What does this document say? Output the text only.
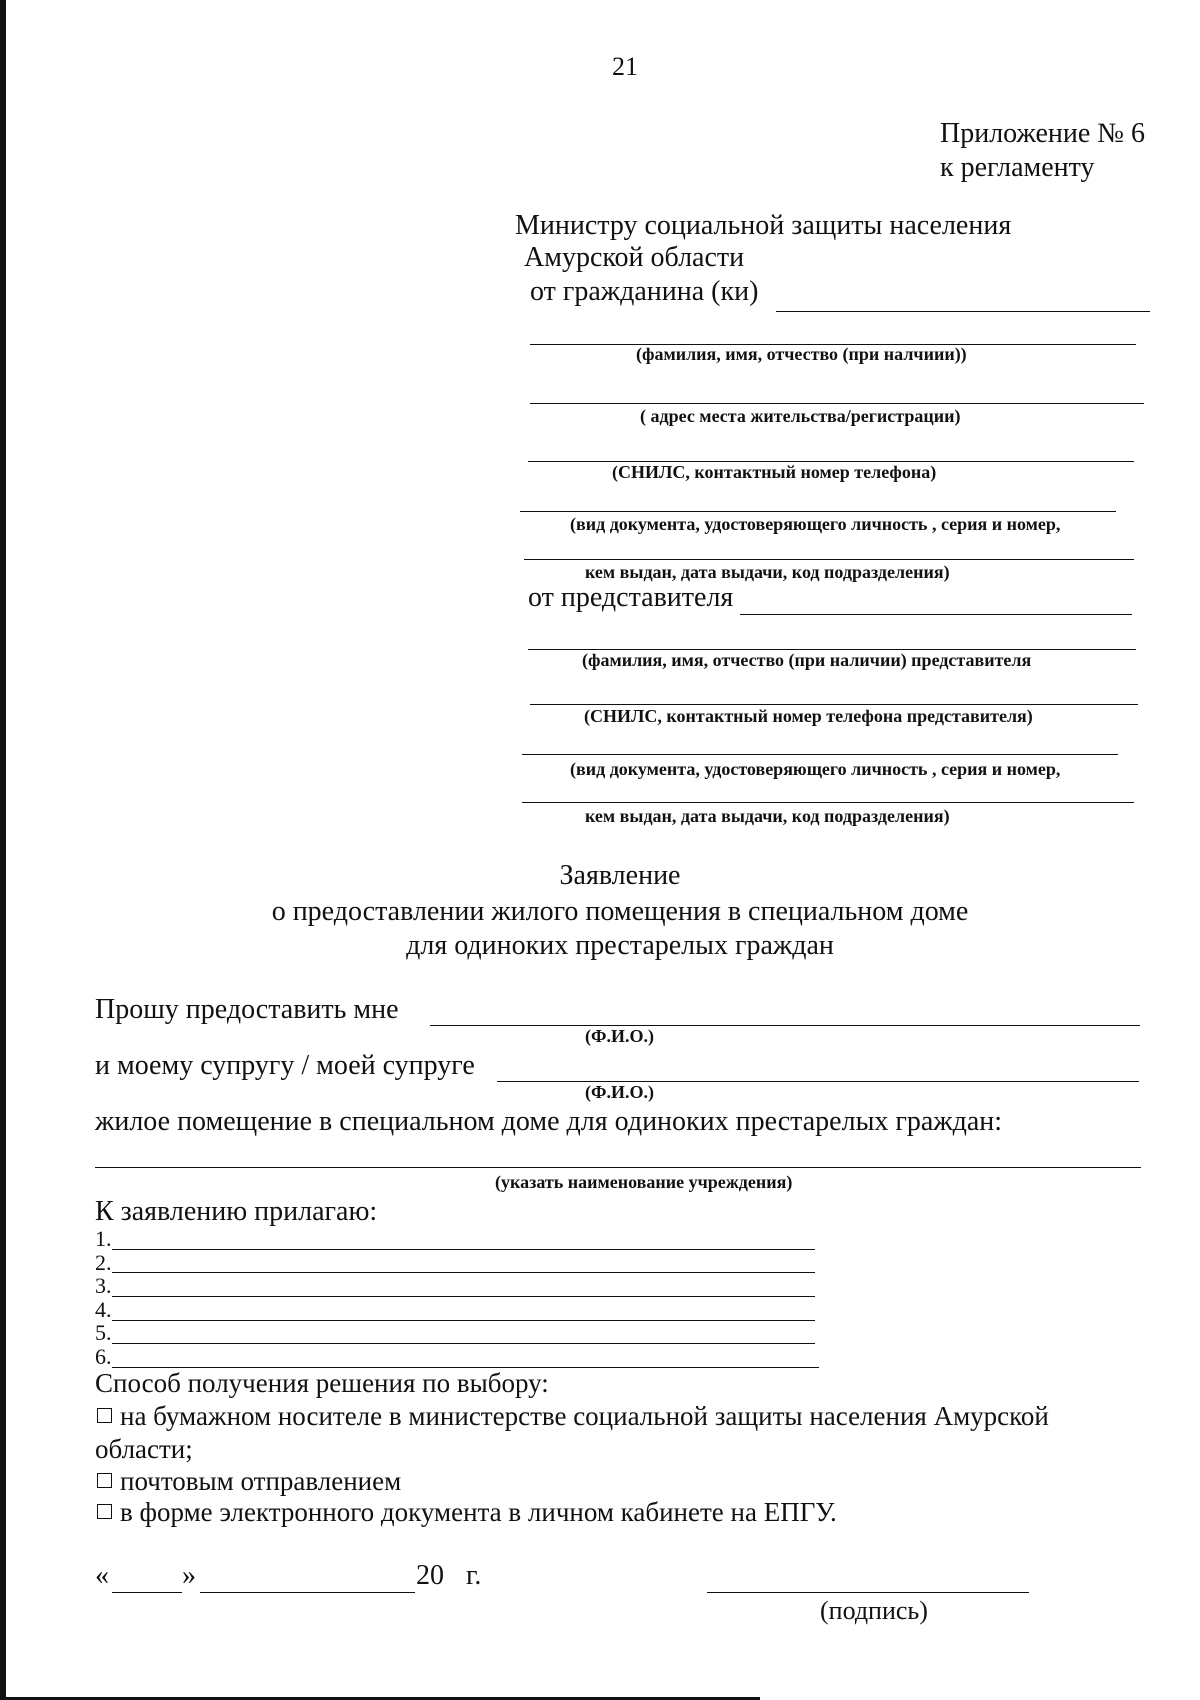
21
Приложение № 6
к регламенту
Министру социальной защиты населения
Амурской области
от гражданина (ки)
(фамилия, имя, отчество (при налчиии))
( адрес места жительства/регистрации)
(СНИЛС, контактный номер телефона)
(вид документа, удостоверяющего личность , серия и номер,
кем выдан, дата выдачи, код подразделения)
от представителя
(фамилия, имя, отчество (при наличии) представителя
(СНИЛС, контактный номер телефона представителя)
(вид документа, удостоверяющего личность , серия и номер,
кем выдан, дата выдачи, код подразделения)
Заявление
о предоставлении жилого помещения в специальном доме
для одиноких престарелых граждан
Прошу предоставить мне
(Ф.И.О.)
и моему супругу / моей супруге
(Ф.И.О.)
жилое помещение в специальном доме для одиноких престарелых граждан:
(указать наименование учреждения)
К заявлению прилагаю:
1.
2.
3.
4.
5.
6.
Способ получения решения по выбору:
на бумажном носителе в министерстве социальной защиты населения Амурской
области;
почтовым отправлением
в форме электронного документа в личном кабинете на ЕПГУ.
«	»	20 г.
(подпись)
